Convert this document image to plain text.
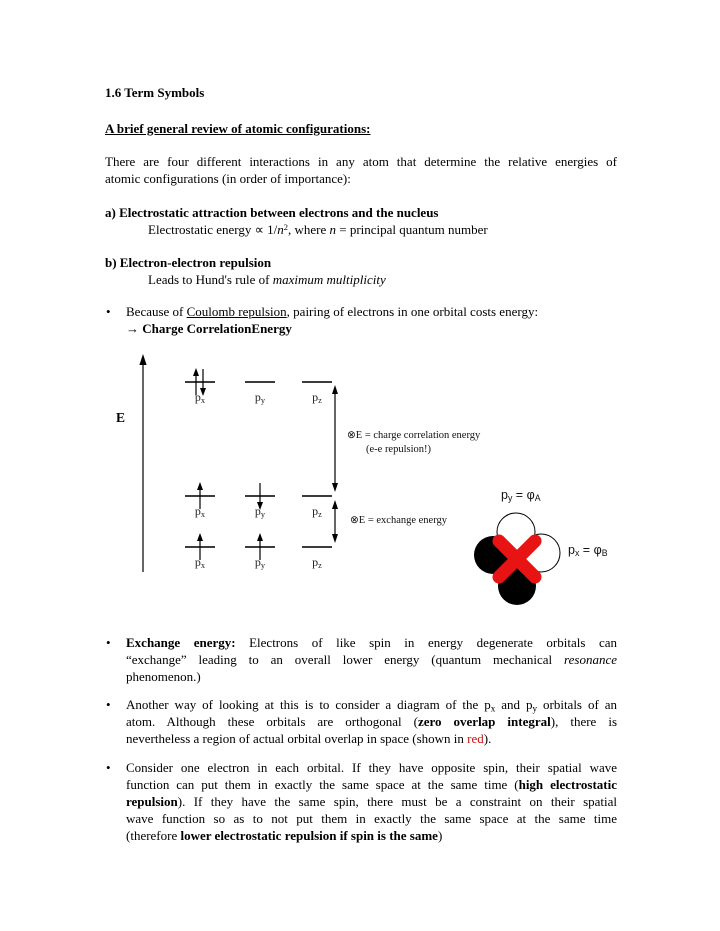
1.6 Term Symbols
A brief general review of atomic configurations:
There are four different interactions in any atom that determine the relative energies of
atomic configurations (in order of importance):
a) Electrostatic attraction between electrons and the nucleus
Electrostatic energy ∝ $1/n^2$, where n = principal quantum number
b) Electron-electron repulsion
Leads to Hund's rule of maximum multiplicity
• Because of Coulomb repulsion, pairing of electrons in one orbital costs energy:
→ Charge CorrelationEnergy
E
$p_x$	$p_y$	$p_z$
$p_x$	$p_y$	$p_z$
$p_x$	$p_y$	$p_z$
⊗E = charge correlation energy
(e-e repulsion!)
⊗E = exchange energy
$p_y = \varphi_A$
$p_x = \varphi_B$
• Exchange energy: Electrons of like spin in energy degenerate orbitals can
“exchange” leading to an overall lower energy (quantum mechanical resonance
phenomenon.)
• Another way of looking at this is to consider a diagram of the $p_x$ and $p_y$ orbitals of an
atom. Although these orbitals are orthogonal (zero overlap integral), there is
nevertheless a region of actual orbital overlap in space (shown in red).
• Consider one electron in each orbital. If they have opposite spin, their spatial wave
function can put them in exactly the same space at the same time (high electrostatic
repulsion). If they have the same spin, there must be a constraint on their spatial
wave function so as to not put them in exactly the same space at the same time
(therefore lower electrostatic repulsion if spin is the same)
